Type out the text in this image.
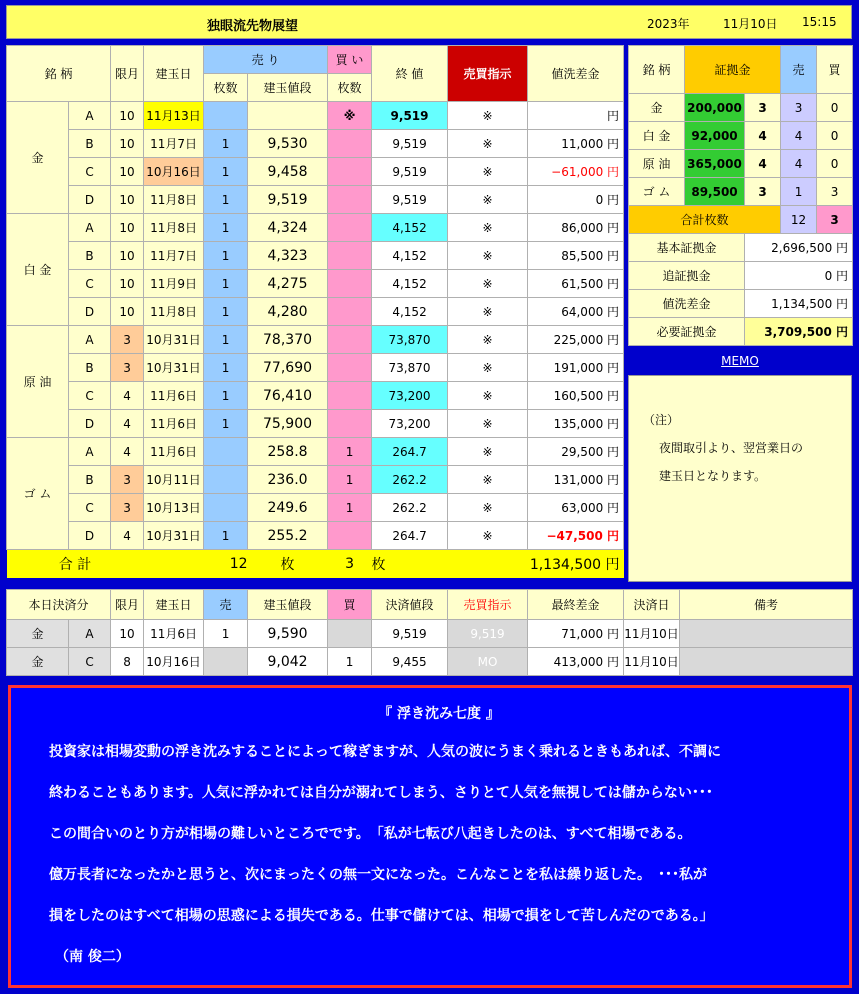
独眼流先物展望	2023年	11月10日 15:15
銘 柄		限月	建玉日	売 り		買 い	終 値	売買指示	値洗差金
				枚数	建玉値段	枚数			
金	A	10	11月13日			※	9,519	※	円
	B	10	11月7日	1	9,530		9,519	※	11,000 円
	C	10	10月16日	1	9,458		9,519	※	−61,000 円
	D	10	11月8日	1	9,519		9,519	※	0 円
白 金	A	10	11月8日	1	4,324		4,152	※	86,000 円
	B	10	11月7日	1	4,323		4,152	※	85,500 円
	C	10	11月9日	1	4,275		4,152	※	61,500 円
	D	10	11月8日	1	4,280		4,152	※	64,000 円
原 油	A	3	10月31日	1	78,370		73,870	※	225,000 円
	B	3	10月31日	1	77,690		73,870	※	191,000 円
	C	4	11月6日	1	76,410		73,200	※	160,500 円
	D	4	11月6日	1	75,900		73,200	※	135,000 円
ゴ ム	A	4	11月6日		258.8	1	264.7	※	29,500 円
	B	3	10月11日		236.0	1	262.2	※	131,000 円
	C	3	10月13日		249.6	1	262.2	※	63,000 円
	D	4	10月31日	1	255.2		264.7	※	−47,500 円
合 計			12		枚	3	枚	1,134,500 円	
銘 柄	証拠金		売	買
金	200,000	3	3	0
白 金	92,000	4	4	0
原 油	365,000	4	4	0
ゴ ム	89,500	3	1	3
合計枚数			12	3
基本証拠金		2,696,500 円		
追証拠金		0 円		
値洗差金		1,134,500 円		
必要証拠金		3,709,500 円		
MEMO
（注）
夜間取引より、翌営業日の
建玉日となります。
本日決済分		限月	建玉日	売	建玉値段	買	決済値段	売買指示	最終差金	決済日	備考
金	A	10	11月6日	1	9,590		9,519	9,519	71,000 円	11月10日	
金	C	8	10月16日		9,042	1	9,455	MO	413,000 円	11月10日	
『 浮き沈み七度 』
投資家は相場変動の浮き沈みすることによって稼ぎますが、人気の波にうまく乗れるときもあれば、不調に
終わることもあります。人気に浮かれては自分が溺れてしまう、さりとて人気を無視しては儲からない･･･
この間合いのとり方が相場の難しいところでです。　「私が七転び八起きしたのは、すべて相場である。
億万長者になったかと思うと、次にまったくの無一文になった。こんなことを私は繰り返した。　･･･私が
損をしたのはすべて相場の思惑による損失である。仕事で儲けては、相場で損をして苦しんだのである。」
（南 俊二）
